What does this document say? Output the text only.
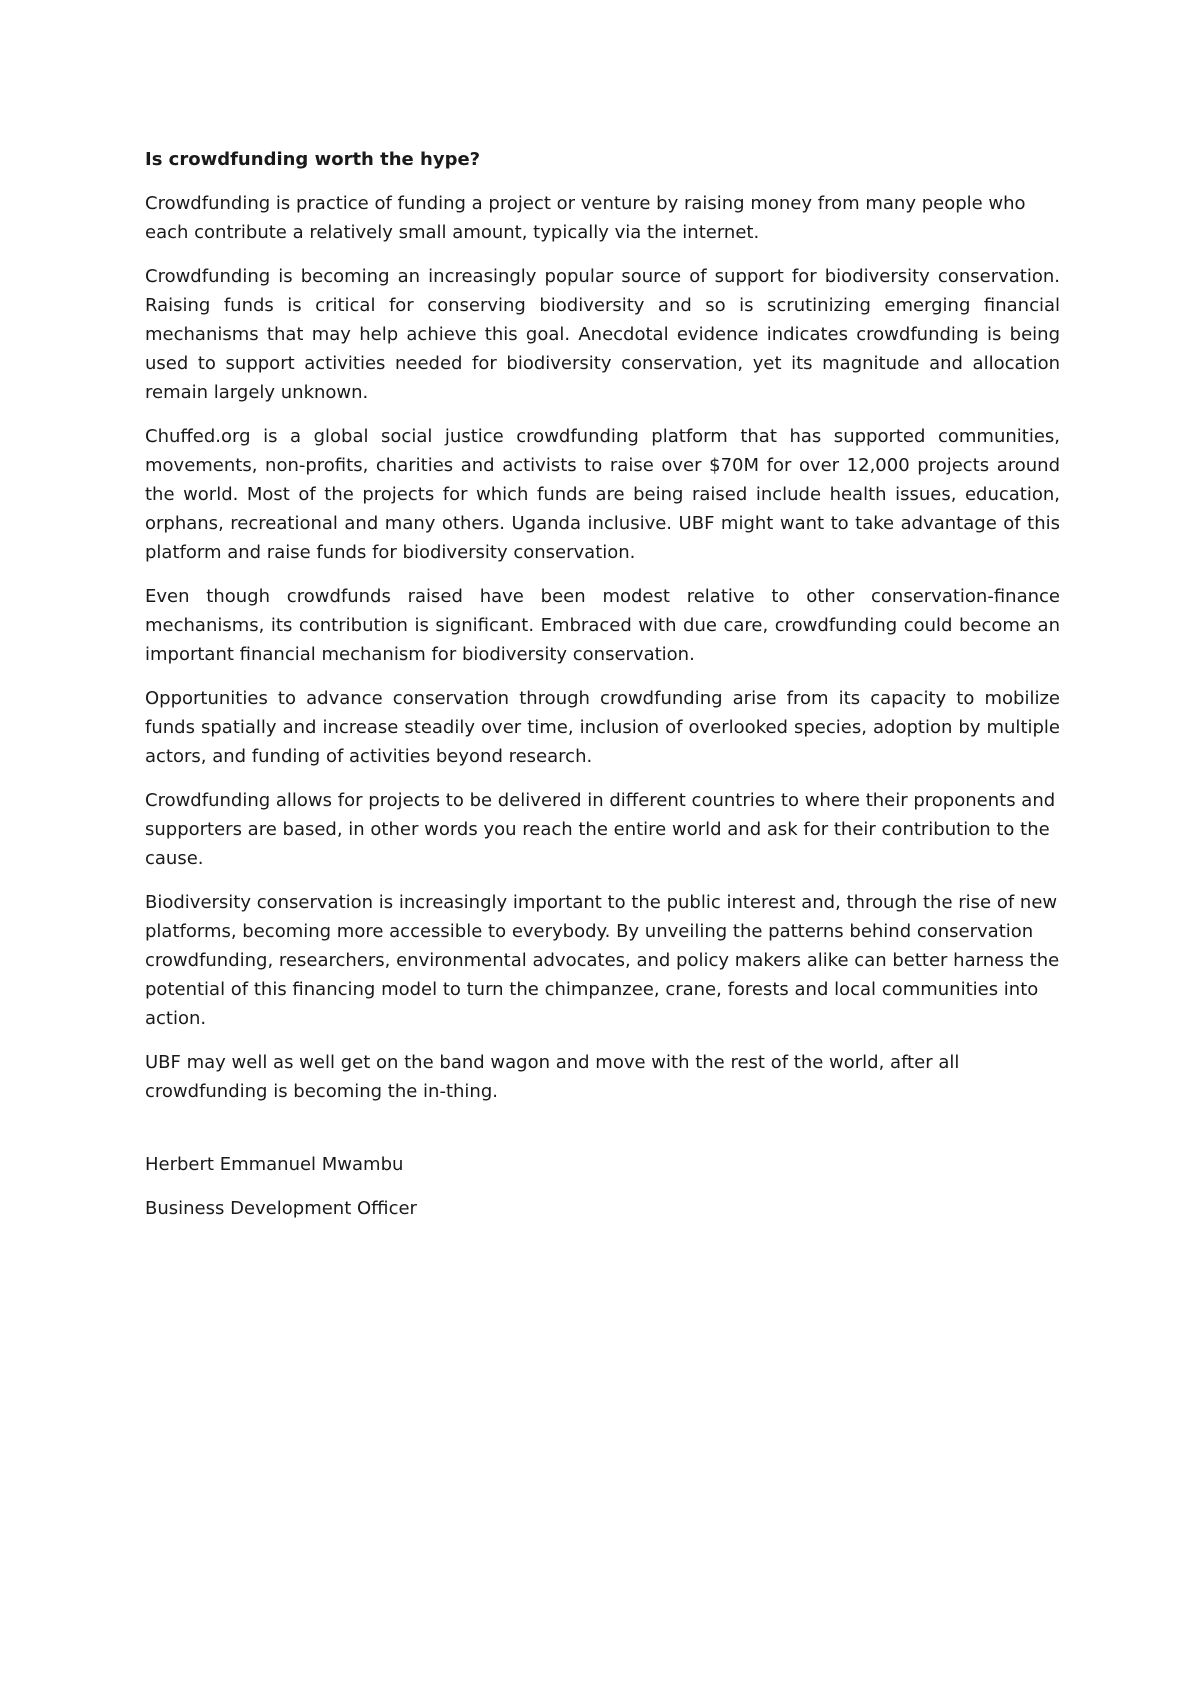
Is crowdfunding worth the hype?

Crowdfunding is practice of funding a project or venture by raising money from many people who each contribute a relatively small amount, typically via the internet.

Crowdfunding is becoming an increasingly popular source of support for biodiversity conservation. Raising funds is critical for conserving biodiversity and so is scrutinizing emerging financial mechanisms that may help achieve this goal. Anecdotal evidence indicates crowdfunding is being used to support activities needed for biodiversity conservation, yet its magnitude and allocation remain largely unknown.

Chuffed.org is a global social justice crowdfunding platform that has supported communities, movements, non-profits, charities and activists to raise over $70M for over 12,000 projects around the world. Most of the projects for which funds are being raised include health issues, education, orphans, recreational and many others. Uganda inclusive. UBF might want to take advantage of this platform and raise funds for biodiversity conservation.

Even though crowdfunds raised have been modest relative to other conservation-finance mechanisms, its contribution is significant. Embraced with due care, crowdfunding could become an important financial mechanism for biodiversity conservation.

Opportunities to advance conservation through crowdfunding arise from its capacity to mobilize funds spatially and increase steadily over time, inclusion of overlooked species, adoption by multiple actors, and funding of activities beyond research.

Crowdfunding allows for projects to be delivered in different countries to where their proponents and supporters are based, in other words you reach the entire world and ask for their contribution to the cause.

Biodiversity conservation is increasingly important to the public interest and, through the rise of new platforms, becoming more accessible to everybody. By unveiling the patterns behind conservation crowdfunding, researchers, environmental advocates, and policy makers alike can better harness the potential of this financing model to turn the chimpanzee, crane, forests and local communities into action.

UBF may well as well get on the band wagon and move with the rest of the world, after all crowdfunding is becoming the in-thing.

Herbert Emmanuel Mwambu

Business Development Officer
